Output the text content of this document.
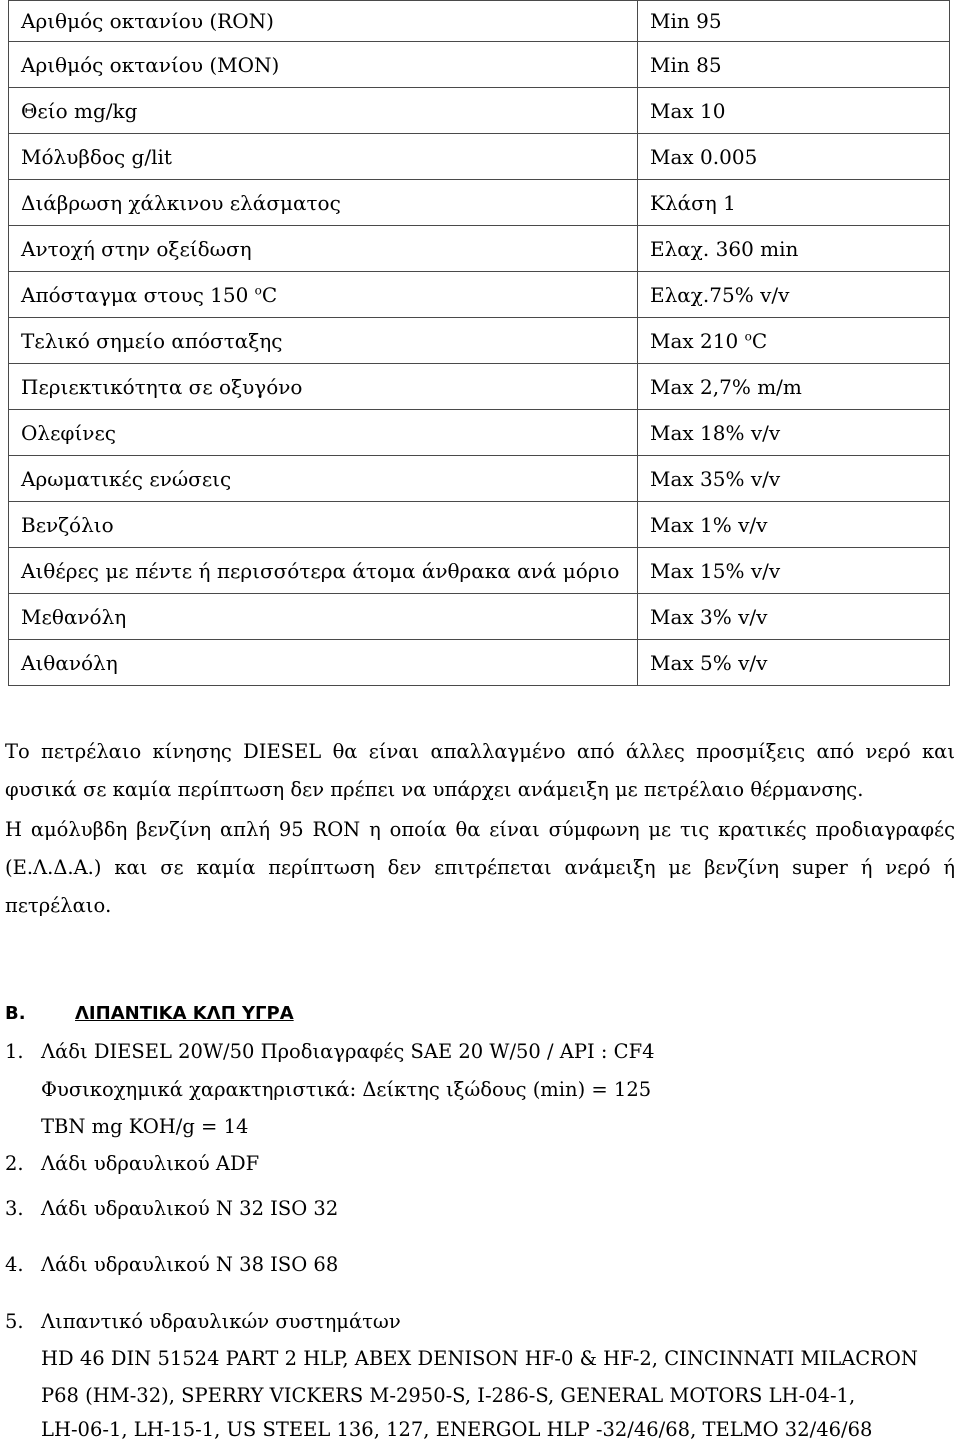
Αριθμός οκτανίου (RON)	Min 95
Αριθμός οκτανίου (MON)	Min 85
Θείο mg/kg	Max 10
Μόλυβδος g/lit	Max 0.005
Διάβρωση χάλκινου ελάσματος	Κλάση 1
Αντοχή στην οξείδωση	Ελαχ. 360 min
Απόσταγμα στους 150 $^o$C	Ελαχ.75% v/v
Τελικό σημείο απόσταξης	Max 210 $^o$C
Περιεκτικότητα σε οξυγόνο	Max 2,7% m/m
Ολεφίνες	Max 18% v/v
Αρωματικές ενώσεις	Max 35% v/v
Βενζόλιο	Max 1% v/v
Αιθέρες με πέντε ή περισσότερα άτομα άνθρακα ανά μόριο	Max 15% v/v
Μεθανόλη	Max 3% v/v
Αιθανόλη	Max 5% v/v
Το πετρέλαιο κίνησης DIESEL θα είναι απαλλαγμένο από άλλες προσμίξεις από νερό και
φυσικά σε καμία περίπτωση δεν πρέπει να υπάρχει ανάμειξη με πετρέλαιο θέρμανσης.
Η αμόλυβδη βενζίνη απλή 95 RON η οποία θα είναι σύμφωνη με τις κρατικές προδιαγραφές
(Ε.Λ.Δ.Α.) και σε καμία περίπτωση δεν επιτρέπεται ανάμειξη με βενζίνη super ή νερό ή
πετρέλαιο.
Β.	ΛΙΠΑΝΤΙΚΑ ΚΛΠ ΥΓΡΑ
1. Λάδι DIESEL 20W/50 Προδιαγραφές SAE 20 W/50 / API : CF4
Φυσικοχημικά χαρακτηριστικά: Δείκτης ιξώδους (min) = 125
TBN mg KOH/g = 14
2. Λάδι υδραυλικού ADF
3. Λάδι υδραυλικού Ν 32 ISO 32
4. Λάδι υδραυλικού Ν 38 ISO 68
5. Λιπαντικό υδραυλικών συστημάτων
HD 46 DIN 51524 PART 2 HLP, ABEX DENISON HF-0 & HF-2, CINCINNATI MILACRON
P68 (HM-32), SPERRY VICKERS M-2950-S, I-286-S, GENERAL MOTORS LH-04-1,
LH-06-1, LH-15-1, US STEEL 136, 127, ENERGOL HLP -32/46/68, TELMO 32/46/68
